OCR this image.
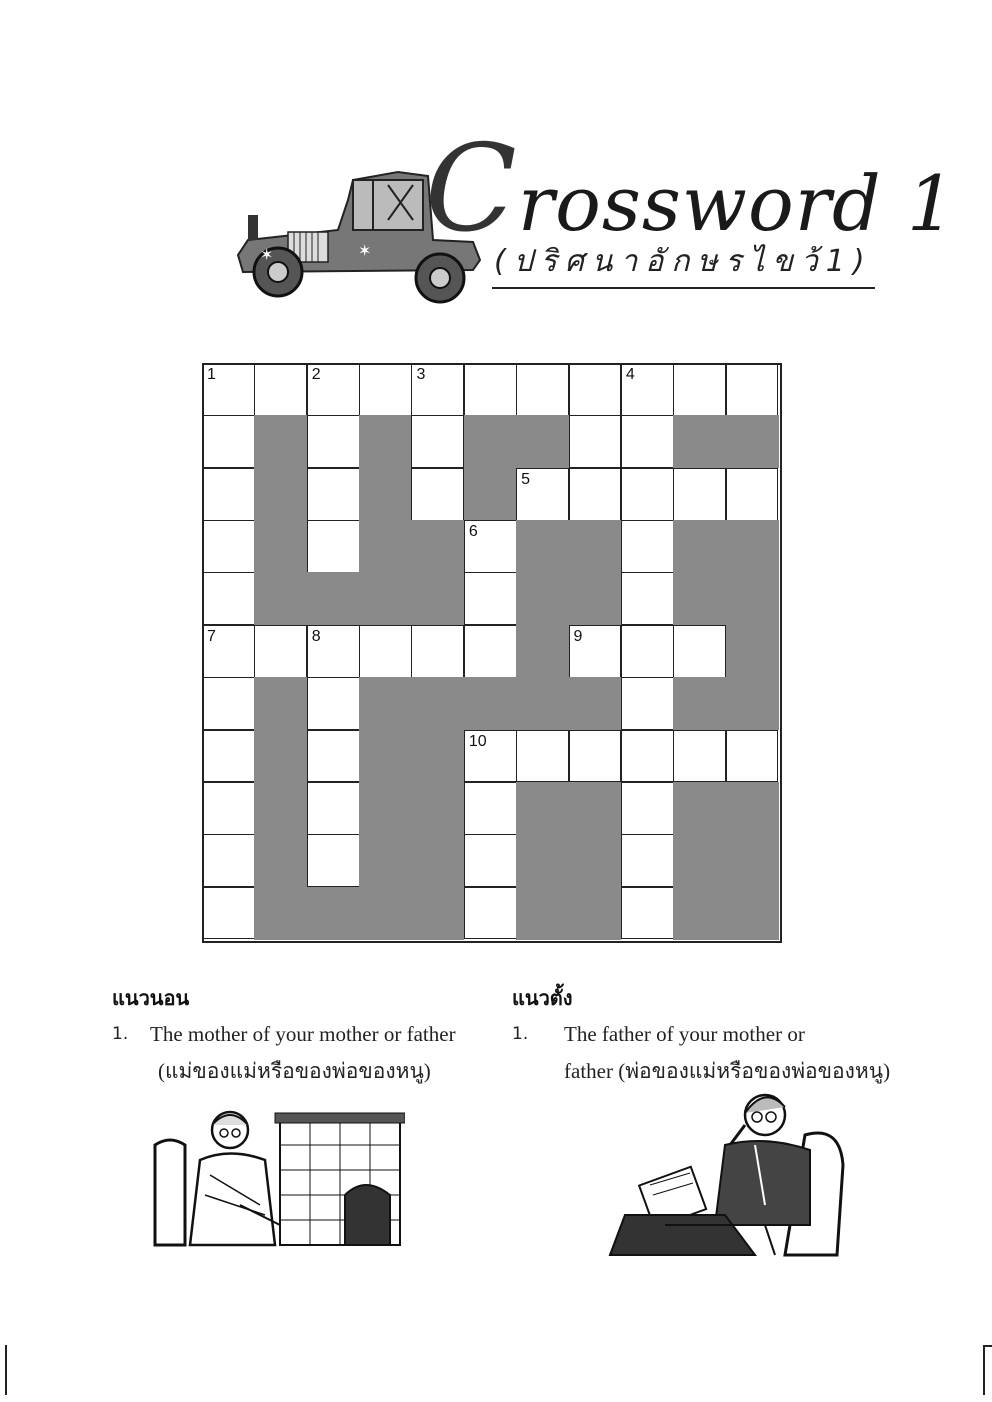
✶	✶ Crossword 1
(ปริศนาอักษรไขว้1)
1	2	3	4
5
6
7	8	9
10
แนวนอน
1. The mother of your mother or father
(แม่ของแม่หรือของพ่อของหนู)
แนวตั้ง
1. The father of your mother or
father (พ่อของแม่หรือของพ่อของหนู)
